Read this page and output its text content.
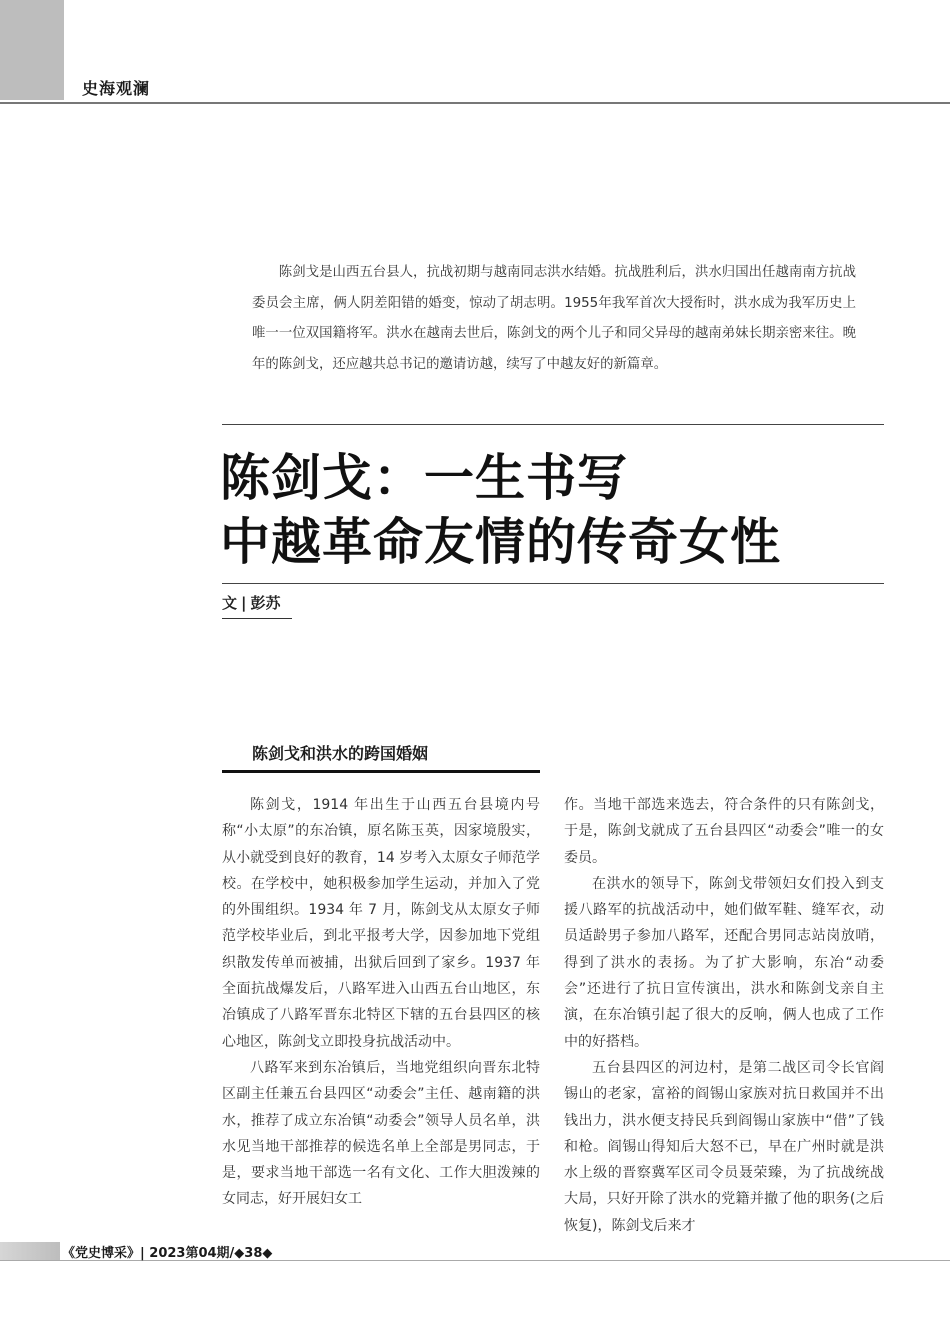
史海观澜
陈剑戈是山西五台县人，抗战初期与越南同志洪水结婚。抗战胜利后，洪水归国出任越南南方抗战委员会主席，俩人阴差阳错的婚变，惊动了胡志明。1955年我军首次大授衔时，洪水成为我军历史上唯一一位双国籍将军。洪水在越南去世后，陈剑戈的两个儿子和同父异母的越南弟妹长期亲密来往。晚年的陈剑戈，还应越共总书记的邀请访越，续写了中越友好的新篇章。
陈剑戈：一生书写
中越革命友情的传奇女性
文 | 彭苏
陈剑戈和洪水的跨国婚姻

陈剑戈，1914 年出生于山西五台县境内号称“小太原”的东冶镇，原名陈玉英，因家境殷实，从小就受到良好的教育，14 岁考入太原女子师范学校。在学校中，她积极参加学生运动，并加入了党的外围组织。1934 年 7 月，陈剑戈从太原女子师范学校毕业后，到北平报考大学，因参加地下党组织散发传单而被捕，出狱后回到了家乡。1937 年全面抗战爆发后，八路军进入山西五台山地区，东冶镇成了八路军晋东北特区下辖的五台县四区的核心地区，陈剑戈立即投身抗战活动中。

八路军来到东冶镇后，当地党组织向晋东北特区副主任兼五台县四区“动委会”主任、越南籍的洪水，推荐了成立东冶镇“动委会”领导人员名单，洪水见当地干部推荐的候选名单上全部是男同志，于是，要求当地干部选一名有文化、工作大胆泼辣的女同志，好开展妇女工

作。当地干部选来选去，符合条件的只有陈剑戈，于是，陈剑戈就成了五台县四区“动委会”唯一的女委员。

在洪水的领导下，陈剑戈带领妇女们投入到支援八路军的抗战活动中，她们做军鞋、缝军衣，动员适龄男子参加八路军，还配合男同志站岗放哨，得到了洪水的表扬。为了扩大影响，东冶“动委会”还进行了抗日宣传演出，洪水和陈剑戈亲自主演，在东冶镇引起了很大的反响，俩人也成了工作中的好搭档。

五台县四区的河边村，是第二战区司令长官阎锡山的老家，富裕的阎锡山家族对抗日救国并不出钱出力，洪水便支持民兵到阎锡山家族中“借”了钱和枪。阎锡山得知后大怒不已，早在广州时就是洪水上级的晋察冀军区司令员聂荣臻，为了抗战统战大局，只好开除了洪水的党籍并撤了他的职务(之后恢复)，陈剑戈后来才

《党史博采》| 2023第04期/◆38◆
